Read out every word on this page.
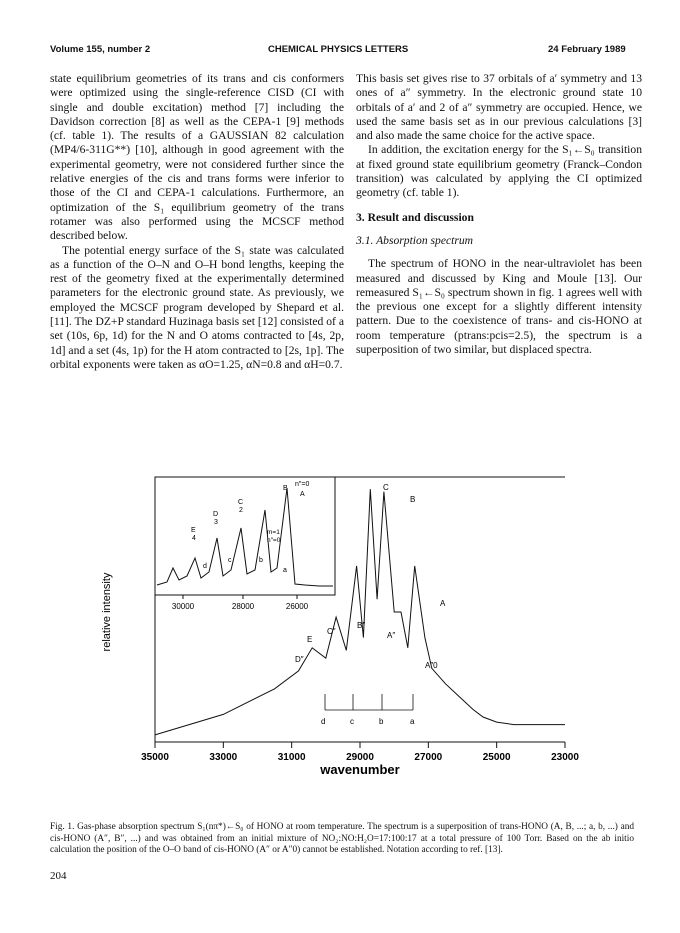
Volume 155, number 2	CHEMICAL PHYSICS LETTERS	24 February 1989

state equilibrium geometries of its trans and cis conformers were optimized using the single-reference CISD (CI with single and double excitation) method [7] including the Davidson correction [8] as well as the CEPA-1 [9] methods (cf. table 1). The results of a GAUSSIAN 82 calculation (MP4/6-311G**) [10], although in good agreement with the experimental geometry, were not considered further since the relative energies of the cis and trans forms were inferior to those of the CI and CEPA-1 calculations. Furthermore, an optimization of the S₁ equilibrium geometry of the trans rotamer was also performed using the MCSCF method described below.

The potential energy surface of the S₁ state was calculated as a function of the O–N and O–H bond lengths, keeping the rest of the geometry fixed at the experimentally determined parameters for the electronic ground state. As previously, we employed the MCSCF program developed by Shepard et al. [11]. The DZ+P standard Huzinaga basis set [12] consisted of a set (10s, 6p, 1d) for the N and O atoms contracted to [4s, 2p, 1d] and a set (4s, 1p) for the H atom contracted to [2s, 1p]. The orbital exponents were taken as αO=1.25, αN=0.8 and αH=0.7.

This basis set gives rise to 37 orbitals of a′ symmetry and 13 ones of a″ symmetry. In the electronic ground state 10 orbitals of a′ and 2 of a″ symmetry are occupied. Hence, we used the same basis set as in our previous calculations [3] and also made the same choice for the active space.

In addition, the excitation energy for the S₁←S₀ transition at fixed ground state equilibrium geometry (Franck–Condon transition) was calculated by applying the CI optimized geometry (cf. table 1).

3. Result and discussion

3.1. Absorption spectrum

The spectrum of HONO in the near-ultraviolet has been measured and discussed by King and Moule [13]. Our remeasured S₁←S₀ spectrum shown in fig. 1 agrees well with the previous one except for a slightly different intensity pattern. Due to the coexistence of trans- and cis-HONO at room temperature (ptrans:pcis=2.5), the spectrum is a superposition of two similar, but displaced spectra.

35000	33000	31000	29000	27000	25000	23000
relative intensity
wavenumber
C
B
A
E
C″
B″
A″
D″
A″0
d	c	b	a
30000	28000	26000
B
n″=0
A
C
2
D
3
E
4
m=1
n″=0
d
c	b
a
Fig. 1. Gas-phase absorption spectrum S₁(nπ*)←S₀ of HONO at room temperature. The spectrum is a superposition of trans-HONO (A, B, ...; a, b, ...) and cis-HONO (A″, B″, ...) and was obtained from an initial mixture of NO₂:NO:H₂O=17:100:17 at a total pressure of 100 Torr. Based on the ab initio calculation the position of the O–O band of cis-HONO (A″ or A″0) cannot be established. Notation according to ref. [13].
204
